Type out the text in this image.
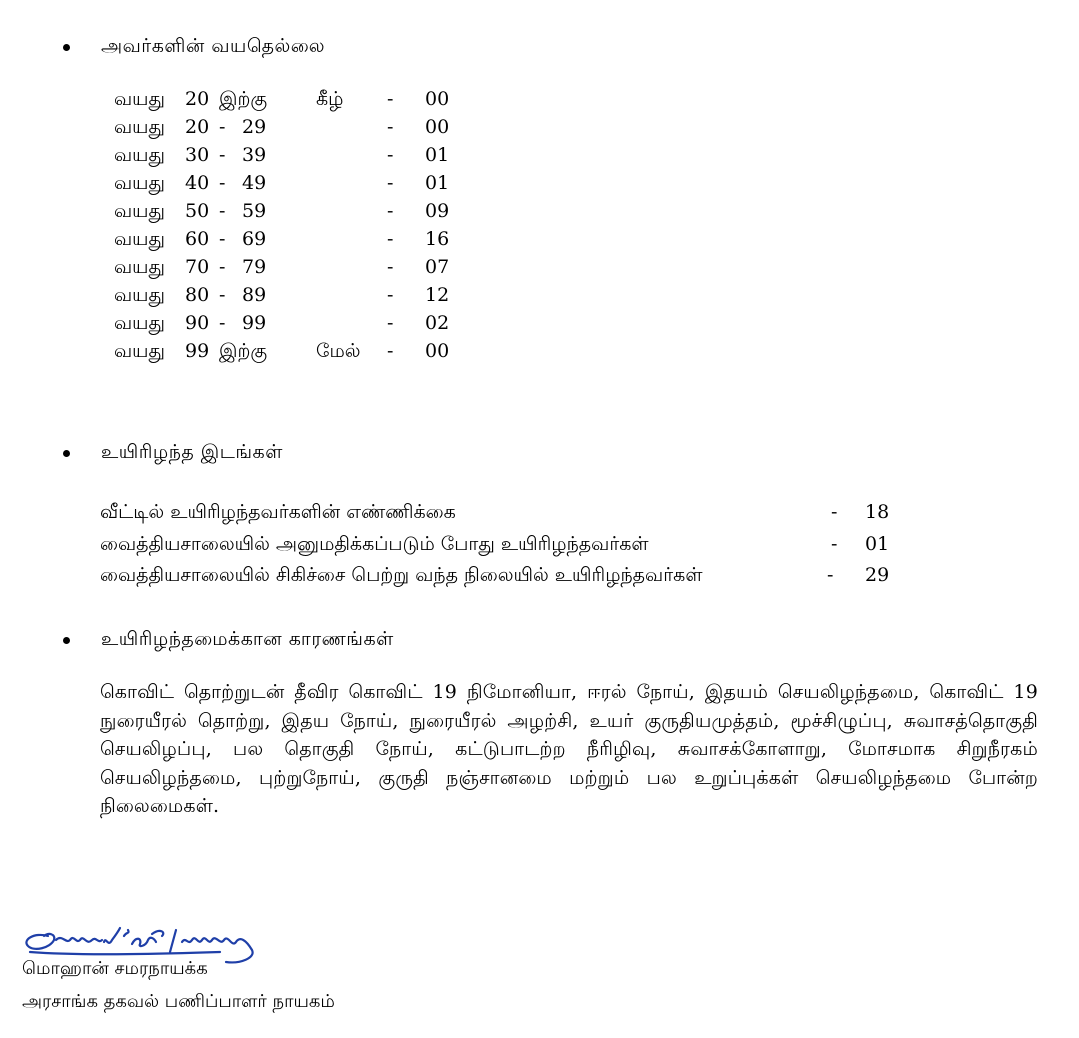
அவர்களின் வயதெல்லை
வயது 20 இற்கு	கீழ் - 00
வயது 20 - 29	- 00
வயது 30 - 39	- 01
வயது 40 - 49	- 01
வயது 50 - 59	- 09
வயது 60 - 69	- 16
வயது 70 - 79	- 07
வயது 80 - 89	- 12
வயது 90 - 99	- 02
வயது 99 இற்கு	மேல் - 00
உயிரிழந்த இடங்கள்
வீட்டில் உயிரிழந்தவர்களின் எண்ணிக்கை	- 18
வைத்தியசாலையில் அனுமதிக்கப்படும் போது உயிரிழந்தவர்கள்	- 01
வைத்தியசாலையில் சிகிச்சை பெற்று வந்த நிலையில் உயிரிழந்தவர்கள்	- 29
உயிரிழந்தமைக்கான காரணங்கள்
கொவிட் தொற்றுடன் தீவிர கொவிட் 19 நிமோனியா, ஈரல் நோய், இதயம் செயலிழந்தமை, கொவிட் 19 நுரையீரல் தொற்று, இதய நோய், நுரையீரல் அழற்சி, உயர் குருதியமுத்தம், மூச்சிழுப்பு, சுவாசத்தொகுதி செயலிழப்பு, பல தொகுதி நோய், கட்டுபாடற்ற நீரிழிவு, சுவாசக்கோளாறு, மோசமாக சிறுநீரகம் செயலிழந்தமை, புற்றுநோய், குருதி நஞ்சானமை மற்றும் பல உறுப்புக்கள் செயலிழந்தமை போன்ற நிலைமைகள்.
மொஹான் சமரநாயக்க
அரசாங்க தகவல் பணிப்பாளர் நாயகம்
